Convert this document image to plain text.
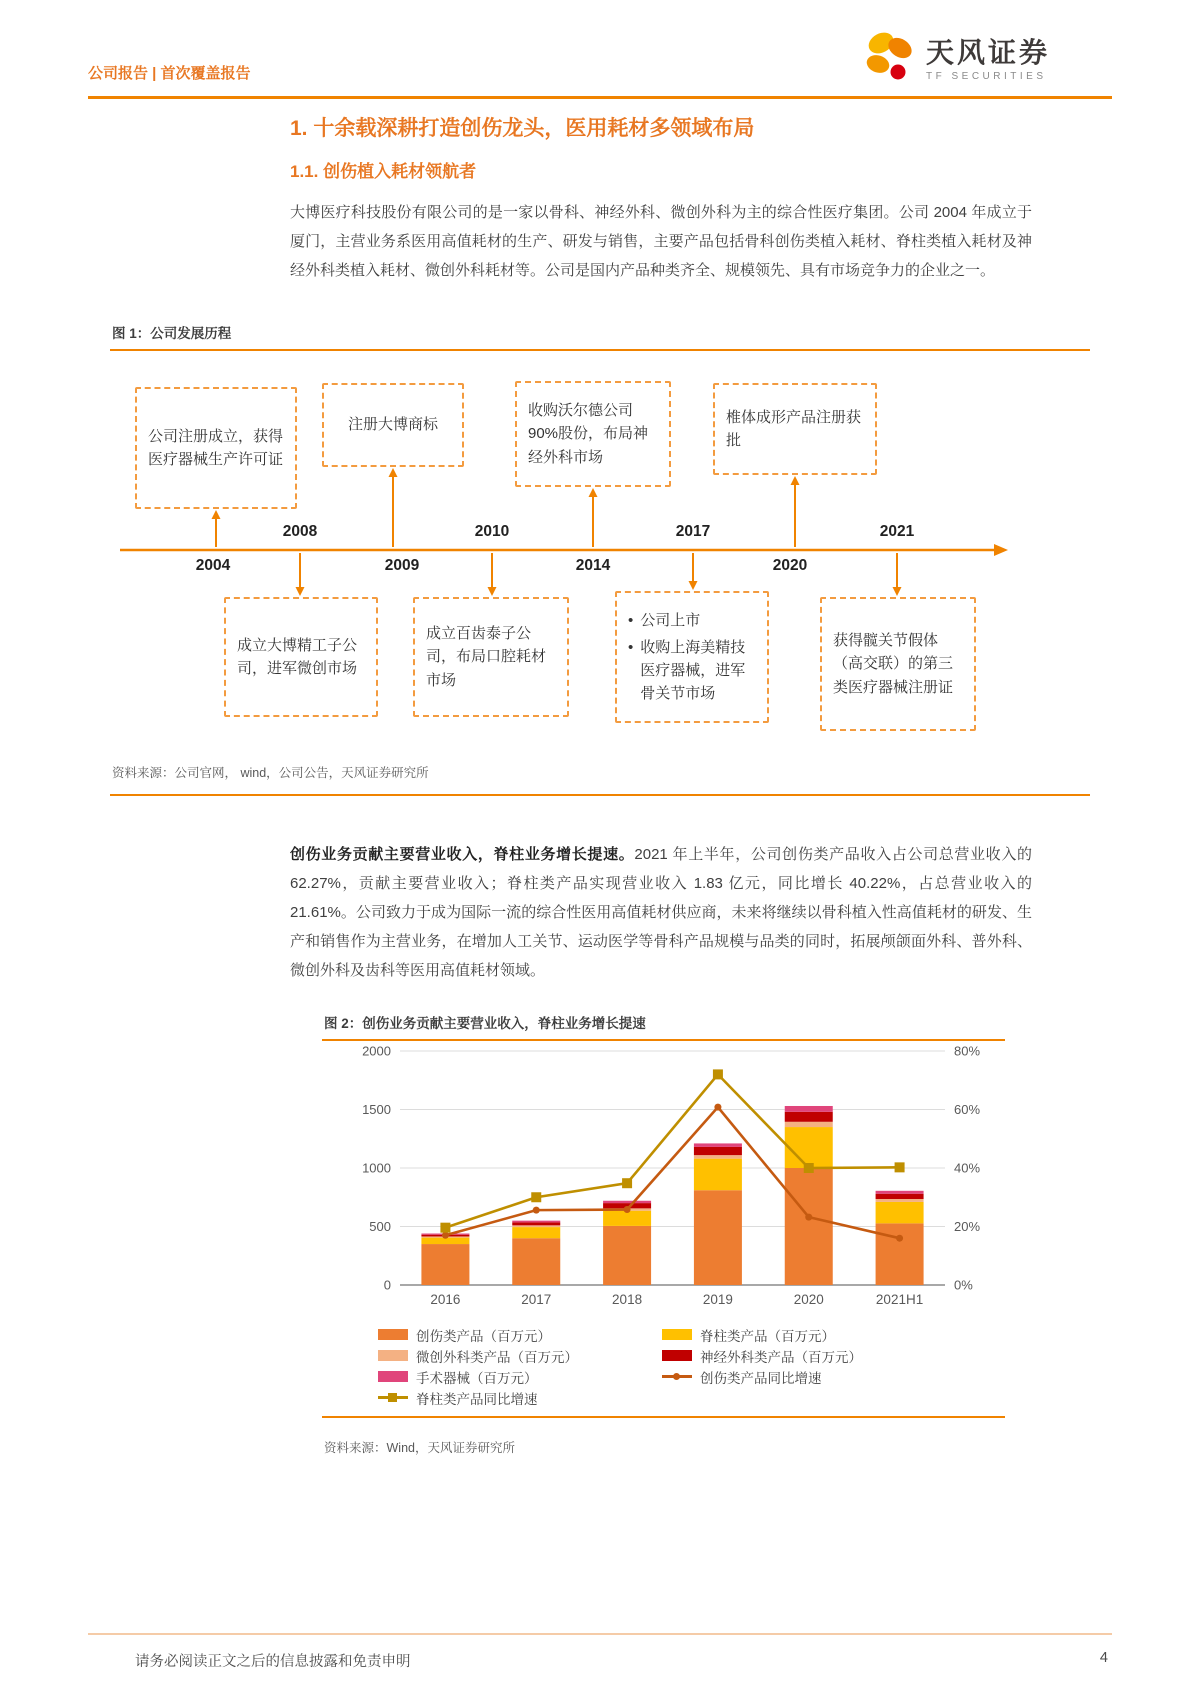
公司报告 | 首次覆盖报告
天风证券
TF SECURITIES
1. 十余载深耕打造创伤龙头，医用耗材多领域布局
1.1. 创伤植入耗材领航者
大博医疗科技股份有限公司的是一家以骨科、神经外科、微创外科为主的综合性医疗集团。公司 2004 年成立于厦门，主营业务系医用高值耗材的生产、研发与销售，主要产品包括骨科创伤类植入耗材、脊柱类植入耗材及神经外科类植入耗材、微创外科耗材等。公司是国内产品种类齐全、规模领先、具有市场竞争力的企业之一。
创伤业务贡献主要营业收入，脊柱业务增长提速。2021 年上半年，公司创伤类产品收入占公司总营业收入的 62.27%，贡献主要营业收入；脊柱类产品实现营业收入 1.83 亿元，同比增长 40.22%，占总营业收入的 21.61%。公司致力于成为国际一流的综合性医用高值耗材供应商，未来将继续以骨科植入性高值耗材的研发、生产和销售作为主营业务，在增加人工关节、运动医学等骨科产品规模与品类的同时，拓展颅颌面外科、普外科、微创外科及齿科等医用高值耗材领域。
图 1：公司发展历程
公司注册成立，获得医疗器械生产许可证
注册大博商标
收购沃尔德公司 90%股份，布局神经外科市场
椎体成形产品注册获批
2008	2010	2017	2021
2004	2009	2014	2020
成立大博精工子公司，进军微创市场
成立百齿泰子公司，布局口腔耗材市场
• 公司上市
• 收购上海美精技医疗器械，进军骨关节市场
获得髋关节假体（高交联）的第三类医疗器械注册证
资料来源：公司官网， wind，公司公告，天风证券研究所
图 2：创伤业务贡献主要营业收入，脊柱业务增长提速
0
500
1000
1500
2000
0%
20%
40%
60%
80%
2016	2017	2018	2019	2020	2021H1
创伤类产品（百万元）	脊柱类产品（百万元）
微创外科类产品（百万元）	神经外科类产品（百万元）
手术器械（百万元）	创伤类产品同比增速
脊柱类产品同比增速
资料来源：Wind，天风证券研究所
请务必阅读正文之后的信息披露和免责申明	4
